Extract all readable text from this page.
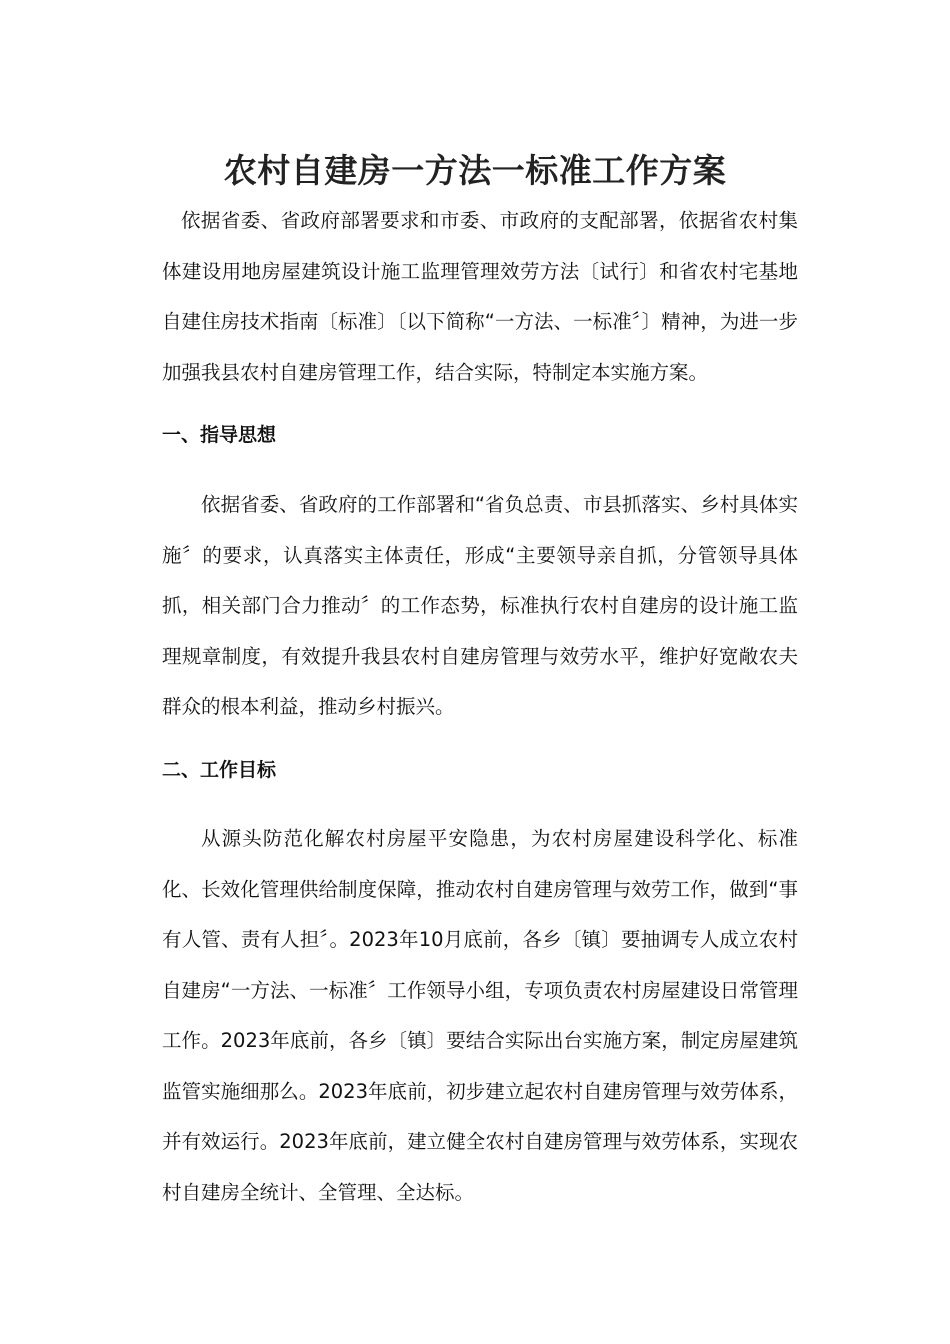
农村自建房一方法一标准工作方案

依据省委、省政府部署要求和市委、市政府的支配部署，依据省农村集体建设用地房屋建筑设计施工监理管理效劳方法〔试行〕和省农村宅基地自建住房技术指南〔标准〕〔以下简称“一方法、一标准〞〕精神，为进一步加强我县农村自建房管理工作，结合实际，特制定本实施方案。

一、指导思想

依据省委、省政府的工作部署和“省负总责、市县抓落实、乡村具体实施〞的要求，认真落实主体责任，形成“主要领导亲自抓，分管领导具体抓，相关部门合力推动〞的工作态势，标准执行农村自建房的设计施工监理规章制度，有效提升我县农村自建房管理与效劳水平，维护好宽敞农夫群众的根本利益，推动乡村振兴。

二、工作目标

从源头防范化解农村房屋平安隐患，为农村房屋建设科学化、标准化、长效化管理供给制度保障，推动农村自建房管理与效劳工作，做到“事有人管、责有人担〞。2023年10月底前，各乡〔镇〕要抽调专人成立农村自建房“一方法、一标准〞工作领导小组，专项负责农村房屋建设日常管理工作。2023年底前，各乡〔镇〕要结合实际出台实施方案，制定房屋建筑监管实施细那么。2023年底前，初步建立起农村自建房管理与效劳体系，并有效运行。2023年底前，建立健全农村自建房管理与效劳体系，实现农村自建房全统计、全管理、全达标。
